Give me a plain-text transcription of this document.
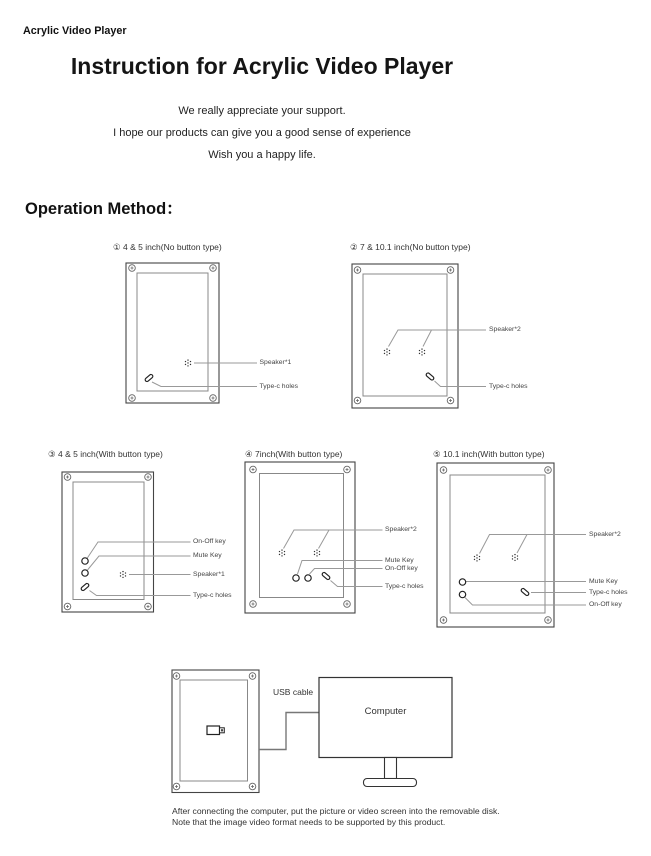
Acrylic Video Player
Instruction for Acrylic Video Player
We really appreciate your support.
I hope our products can give you a good sense of experience
Wish you a happy life.
Operation Method：
① 4 & 5 inch(No button type)	② 7 & 10.1 inch(No button type)
③ 4 & 5 inch(With button type)	④ 7inch(With button type)	⑤ 10.1 inch(With button type)
Speaker*1
Type-c holes
Speaker*2
Type-c holes
On-Off key
Mute Key
Speaker*1
Type-c holes
Speaker*2
Mute Key
On-Off key
Type-c holes
Speaker*2
Mute Key
Type-c holes
On-Off key
USB cable
Computer
After connecting the computer, put the picture or video screen into the removable disk.
Note that the image video format needs to be supported by this product.
